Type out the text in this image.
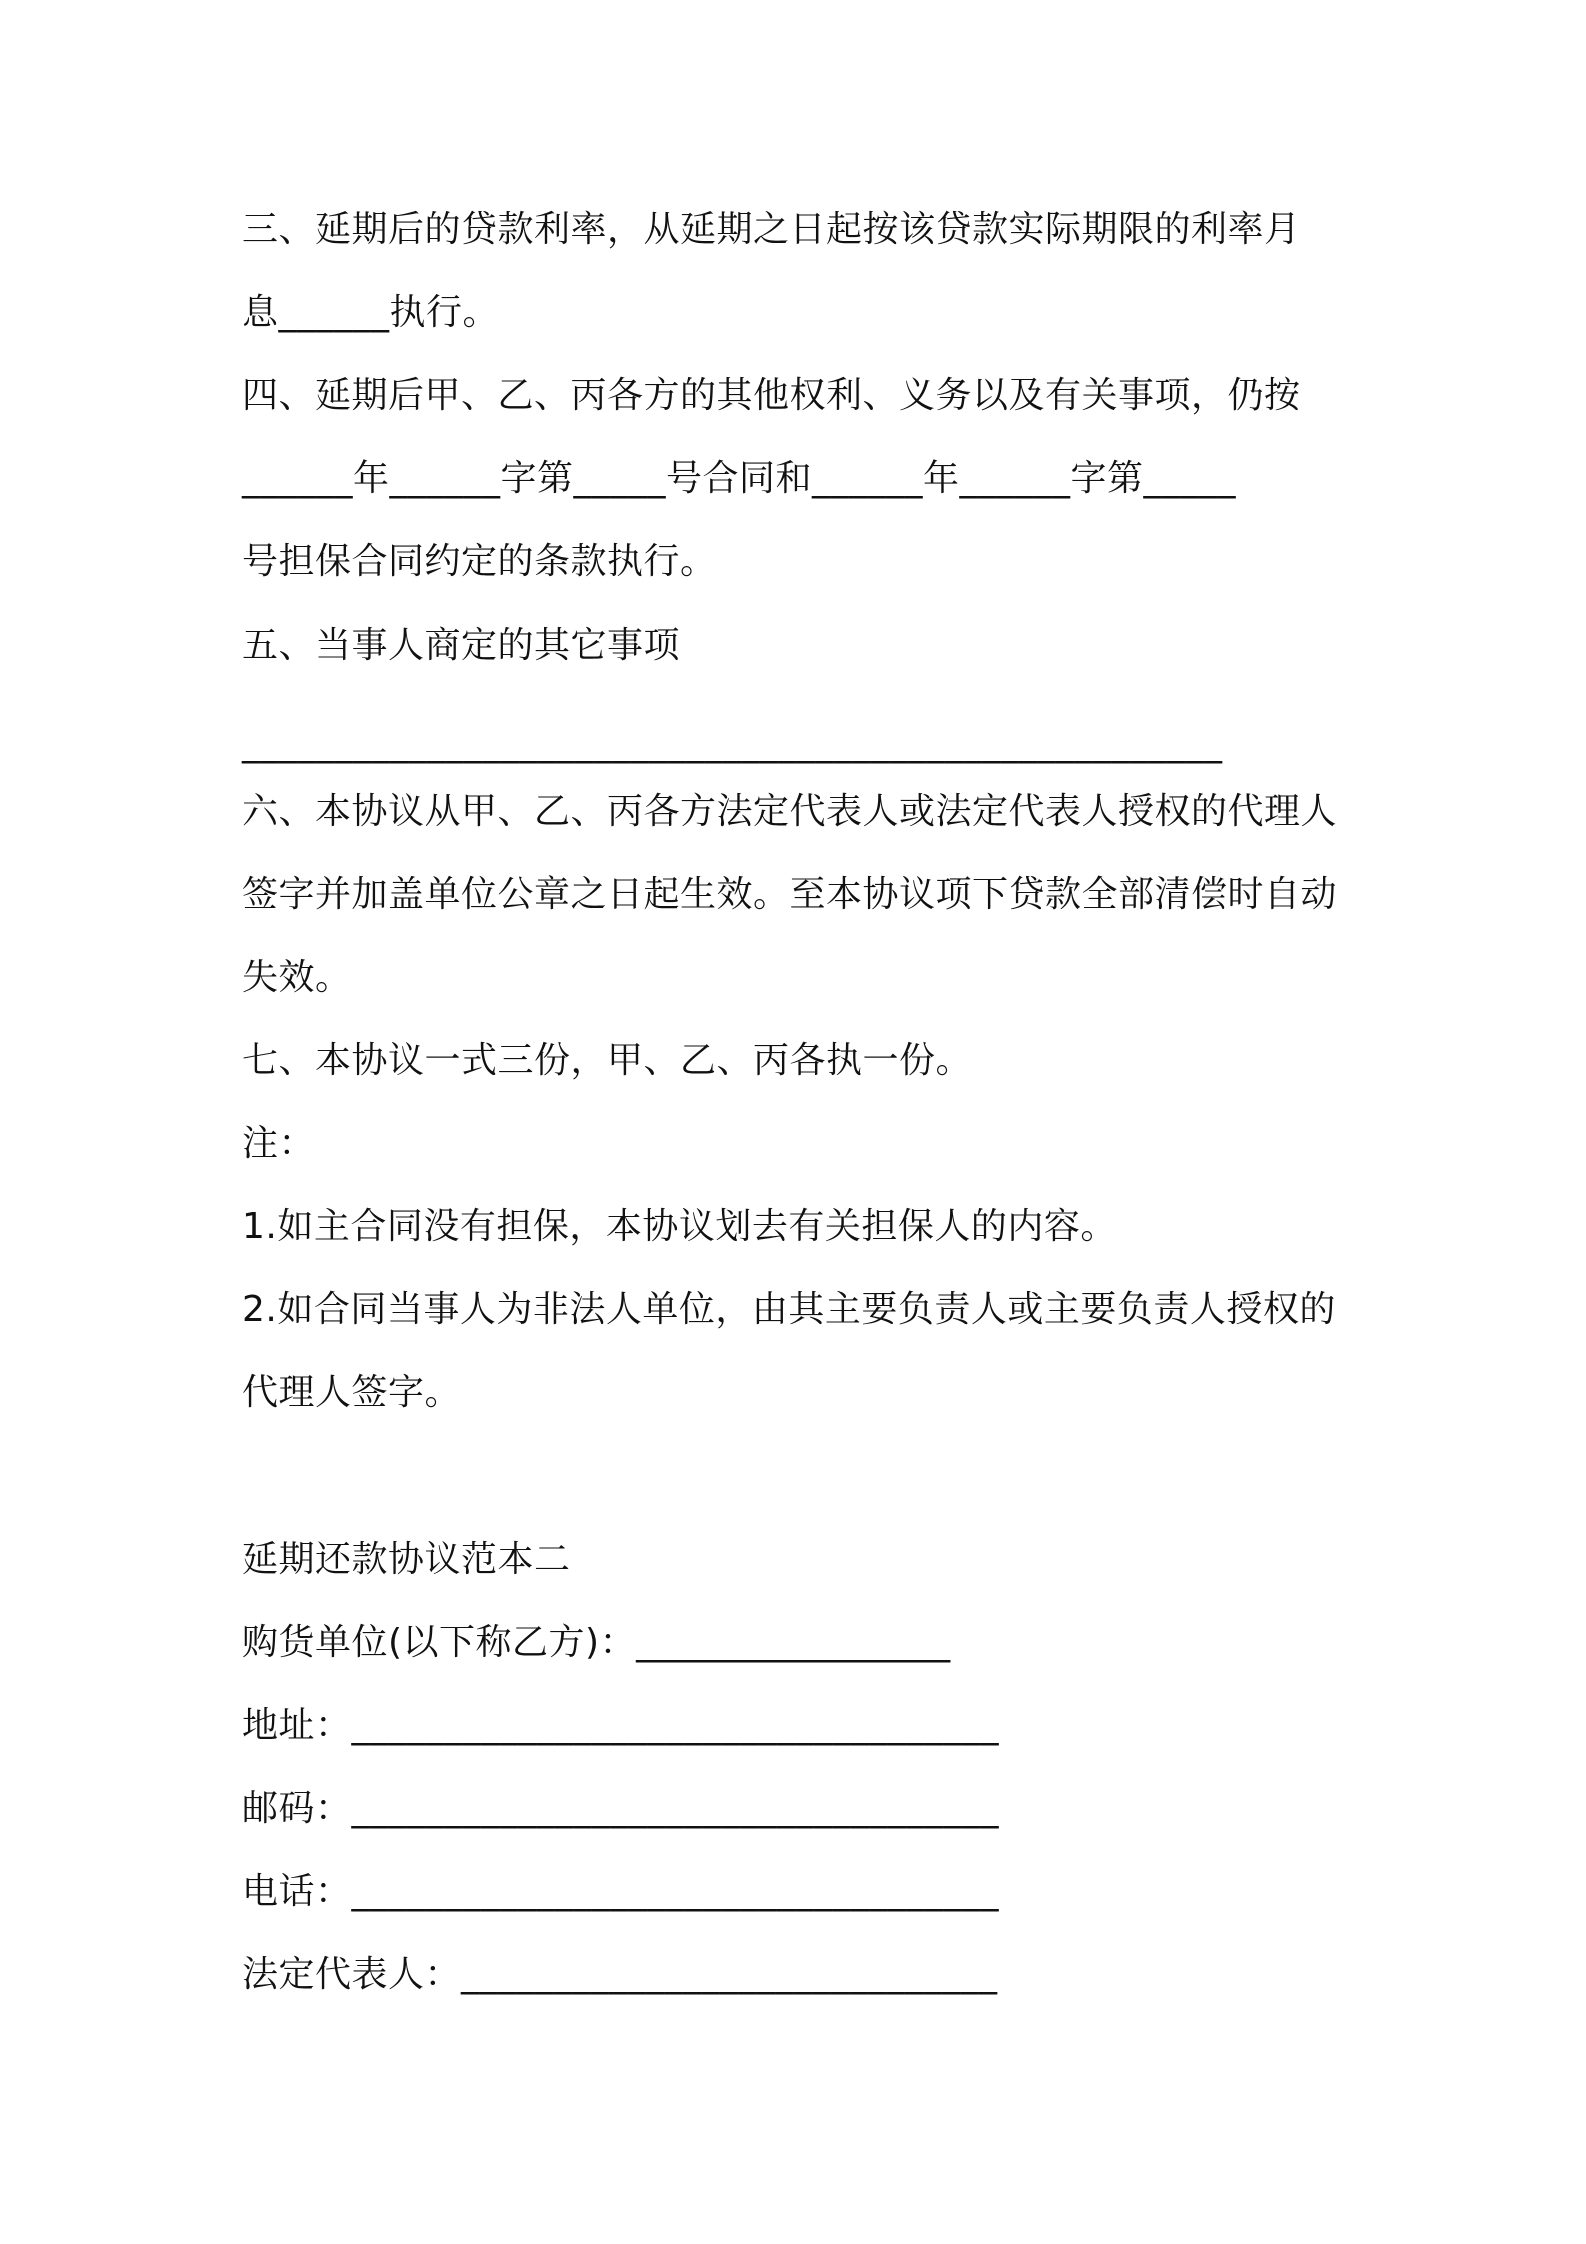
三、延期后的贷款利率，从延期之日起按该贷款实际期限的利率月

息______执行。

四、延期后甲、乙、丙各方的其他权利、义务以及有关事项，仍按

______年______字第_____号合同和______年______字第_____

号担保合同约定的条款执行。

五、当事人商定的其它事项

_____________________________________________________

六、本协议从甲、乙、丙各方法定代表人或法定代表人授权的代理人

签字并加盖单位公章之日起生效。至本协议项下贷款全部清偿时自动

失效。

七、本协议一式三份，甲、乙、丙各执一份。

注：

1.如主合同没有担保，本协议划去有关担保人的内容。

2.如合同当事人为非法人单位，由其主要负责人或主要负责人授权的

代理人签字。

延期还款协议范本二

购货单位(以下称乙方)：_________________

地址：___________________________________

邮码：___________________________________

电话：___________________________________

法定代表人：_____________________________
